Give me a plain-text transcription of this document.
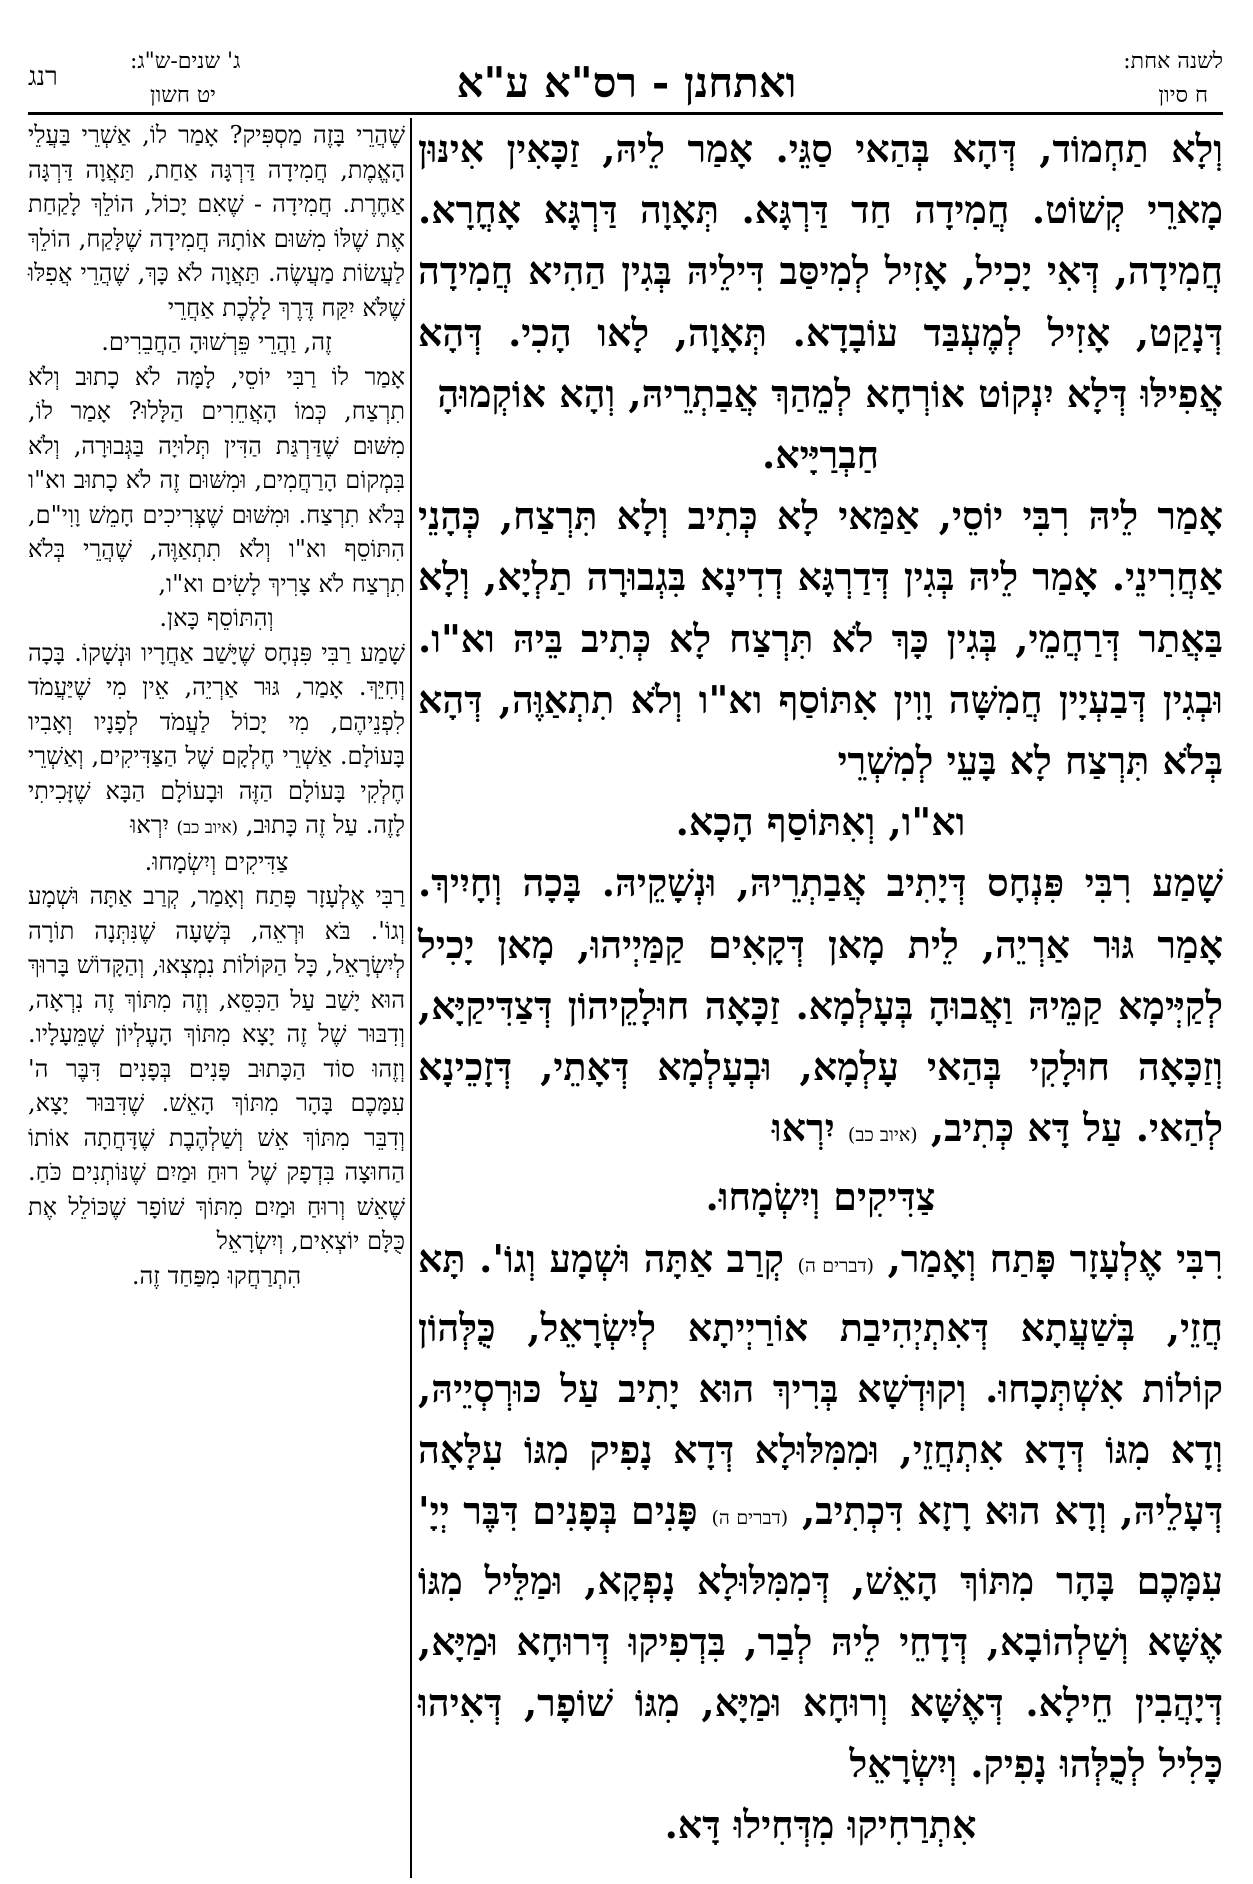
לשנה אחת:
ח סיון
ואתחנן - רס"א ע"א
ג' שנים-ש"ג:
רנג
יט חשון

וְלָא תַחְמוֹד, דְּהָא בְּהַאי סַגֵּי. אָמַר לֵיהּ, זַכָּאִין אִינּוּן מָארֵי קְשׁוֹט. חֲמִידָה חַד דַּרְגָּא. תְּאָוָה דַּרְגָּא אָחֳרָא. חֲמִידָה, דְּאִי יָכִיל, אָזִיל לְמִיסַּב דִּילֵיהּ בְּגִין הַהִיא חֲמִידָה דְּנָקַט, אָזִיל לְמֶעְבַּד עוֹבָדָא. תְּאָוָה, לָאו הָכִי. דְּהָא אֲפִילּוּ דְּלָא יִנְקוֹט אוֹרְחָא לְמֵהַךְ אֲבַתְרֵיהּ, וְהָא אוֹקְמוּהָ

חַבְרַיָּיא.

אָמַר לֵיהּ רִבִּי יוֹסֵי, אַמַּאי לָא כְּתִיב וְלָא תִּרְצַח, כְּהָנֵי אַחֲרִינֵי. אָמַר לֵיהּ בְּגִין דְּדַרְגָּא דְדִינָא בִּגְבוּרָה תַלְיָא, וְלָא בַּאֲתַר דְּרַחֲמֵי, בְּגִין כָּךְ לֹא תִּרְצַח לָא כְּתִיב בֵּיהּ וא"ו. וּבְגִין דְּבַעְיָין חֲמִשָּׁה וָוִין אִתּוֹסַף וא"ו וְלֹא תִתְאַוֶּה, דְּהָא בְּלֹא תִּרְצַח לָא בָּעֵי לְמִשְׁרֵי

וא"ו, וְאִתּוֹסַף הָכָא.

שָׁמַע רִבִּי פִּנְחָס דְּיָתִיב אֲבַתְרֵיהּ, וּנְשָׁקֵיהּ. בָּכָה וְחָיִיךְ. אָמַר גּוּר אַרְיֵה, לֵית מָאן דְּקָאִים קַמַּיְיהוּ, מָאן יָכִיל לְקַיְּימָא קַמֵּיהּ וַאֲבוּהָ בְּעָלְמָא. זַכָּאָה חוּלָקֵיהוֹן דְּצַדִּיקַיָּא, וְזַכָּאָה חוּלָקִי בְּהַאי עָלְמָא, וּבְעָלְמָא דְּאָתֵי, דְּזָכֵינָא לְהַאי. עַל דָּא כְּתִיב, (איוב כב) יִרְאוּ

צַדִּיקִים וְיִשְׂמָחוּ.

רִבִּי אֶלְעָזָר פָּתַח וְאָמַר, (דברים ה) קְרַב אַתָּה וּשְׁמָע וְגוֹ'. תָּא חֲזֵי, בְּשַׁעֲתָא דְּאִתְיְהִיבַת אוֹרַיְיתָא לְיִשְׂרָאֵל, כֻּלְּהוֹן קוֹלוֹת אִשְׁתְּכָחוּ. וְקוּדְשָׁא בְּרִיךְ הוּא יָתִיב עַל כּוּרְסְיֵיהּ, וְדָא מִגּוֹ דְּדָא אִתְחֲזֵי, וּמִמִּלּוּלָא דְּדָא נָפִיק מִגּוֹ עִלָּאָה דְּעָלֵיהּ, וְדָא הוּא רָזָא דִּכְתִיב, (דברים ה) פָּנִים בְּפָנִים דִּבֶּר יְיָ' עִמָּכֶם בָּהָר מִתּוֹךְ הָאֵשׁ, דְּמִמִּלּוּלָא נָפְקָא, וּמַלֵּיל מִגּוֹ אֶשָּׁא וְשַׁלְהוֹבָא, דְּדָחֵי לֵיהּ לְבַר, בִּדְפִיקוּ דְּרוּחָא וּמַיָּא, דְּיָהֲבִין חֵילָא. דְּאֶשָּׁא וְרוּחָא וּמַיָּא, מִגּוֹ שׁוֹפָר, דְּאִיהוּ כָּלִיל לְכֻלְּהוּ נָפִיק. וְיִשְׂרָאֵל

אִתְרַחִיקוּ מִדְּחִילוּ דָּא.

שֶׁהֲרֵי בָּזֶה מַסְפִּיק? אָמַר לוֹ, אַשְׁרֵי בַּעֲלֵי הָאֱמֶת, חֲמִידָה דַּרְגָּה אַחַת, תַּאֲוָה דַּרְגָּה אַחֶרֶת. חֲמִידָה - שֶׁאִם יָכוֹל, הוֹלֵךְ לָקַחַת אֶת שֶׁלּוֹ מִשּׁוּם אוֹתָהּ חֲמִידָה שֶׁלָּקַח, הוֹלֵךְ לַעֲשׂוֹת מַעֲשֶׂה. תַּאֲוָה לֹא כָּךְ, שֶׁהֲרֵי אֲפִלּוּ שֶׁלֹּא יִקַּח דֶּרֶךְ לָלֶכֶת אַחֲרֵי

זֶה, וַהֲרֵי פֵּרְשׁוּהָ הַחֲבֵרִים.

אָמַר לוֹ רַבִּי יוֹסֵי, לָמָּה לֹא כָתוּב וְלֹא תִרְצַח, כְּמוֹ הָאֲחֵרִים הַלָּלוּ? אָמַר לוֹ, מִשּׁוּם שֶׁדַּרְגַּת הַדִּין תְּלוּיָה בַּגְּבוּרָה, וְלֹא בִּמְקוֹם הָרַחֲמִים, וּמִשּׁוּם זֶה לֹא כָתוּב וא"ו בְּלֹא תִרְצַח. וּמִשּׁוּם שֶׁצְּרִיכִים חָמֵשׁ וָוִי"ם, הִתּוֹסֵף וא"ו וְלֹא תִתְאַוֶּה, שֶׁהֲרֵי בְּלֹא תִרְצַח לֹא צָרִיךְ לָשִׂים וא"ו,

וְהִתּוֹסֵף כָּאן.

שָׁמַע רַבִּי פִּנְחָס שֶׁיָּשַׁב אַחֲרָיו וּנְשָׁקוֹ. בָּכָה וְחִיֵּךְ. אָמַר, גּוּר אַרְיֵה, אֵין מִי שֶׁיַּעֲמֹד לִפְנֵיהֶם, מִי יָכוֹל לַעֲמֹד לְפָנָיו וְאָבִיו בָּעוֹלָם. אַשְׁרֵי חֶלְקָם שֶׁל הַצַּדִּיקִים, וְאַשְׁרֵי חֶלְקִי בָּעוֹלָם הַזֶּה וּבָעוֹלָם הַבָּא שֶׁזָּכִיתִי לָזֶה. עַל זֶה כָּתוּב, (איוב כב) יִרְאוּ

צַדִּיקִים וְיִשְׂמָחוּ.

רַבִּי אֶלְעָזָר פָּתַח וְאָמַר, קְרַב אַתָּה וּשְׁמָע וְגוֹ'. בֹּא וּרְאֵה, בְּשָׁעָה שֶׁנִּתְּנָה תוֹרָה לְיִשְׂרָאֵל, כָּל הַקּוֹלוֹת נִמְצְאוּ, וְהַקָּדוֹשׁ בָּרוּךְ הוּא יָשַׁב עַל הַכִּסֵּא, וְזֶה מִתּוֹךְ זֶה נִרְאָה, וְדִבּוּר שֶׁל זֶה יָצָא מִתּוֹךְ הָעֶלְיוֹן שֶׁמֵּעָלָיו. וְזֶהוּ סוֹד הַכָּתוּב פָּנִים בְּפָנִים דִּבֶּר ה' עִמָּכֶם בָּהָר מִתּוֹךְ הָאֵשׁ. שֶׁדִּבּוּר יָצָא, וְדִבֵּר מִתּוֹךְ אֵשׁ וְשַׁלְהֶבֶת שֶׁדָּחֲתָה אוֹתוֹ הַחוּצָה בִּדְפָק שֶׁל רוּחַ וּמַיִם שֶׁנּוֹתְנִים כֹּחַ. שֶׁאֵשׁ וְרוּחַ וּמַיִם מִתּוֹךְ שׁוֹפָר שֶׁכּוֹלֵל אֶת כֻּלָּם יוֹצְאִים, וְיִשְׂרָאֵל

הִתְרַחֲקוּ מִפַּחַד זֶה.
